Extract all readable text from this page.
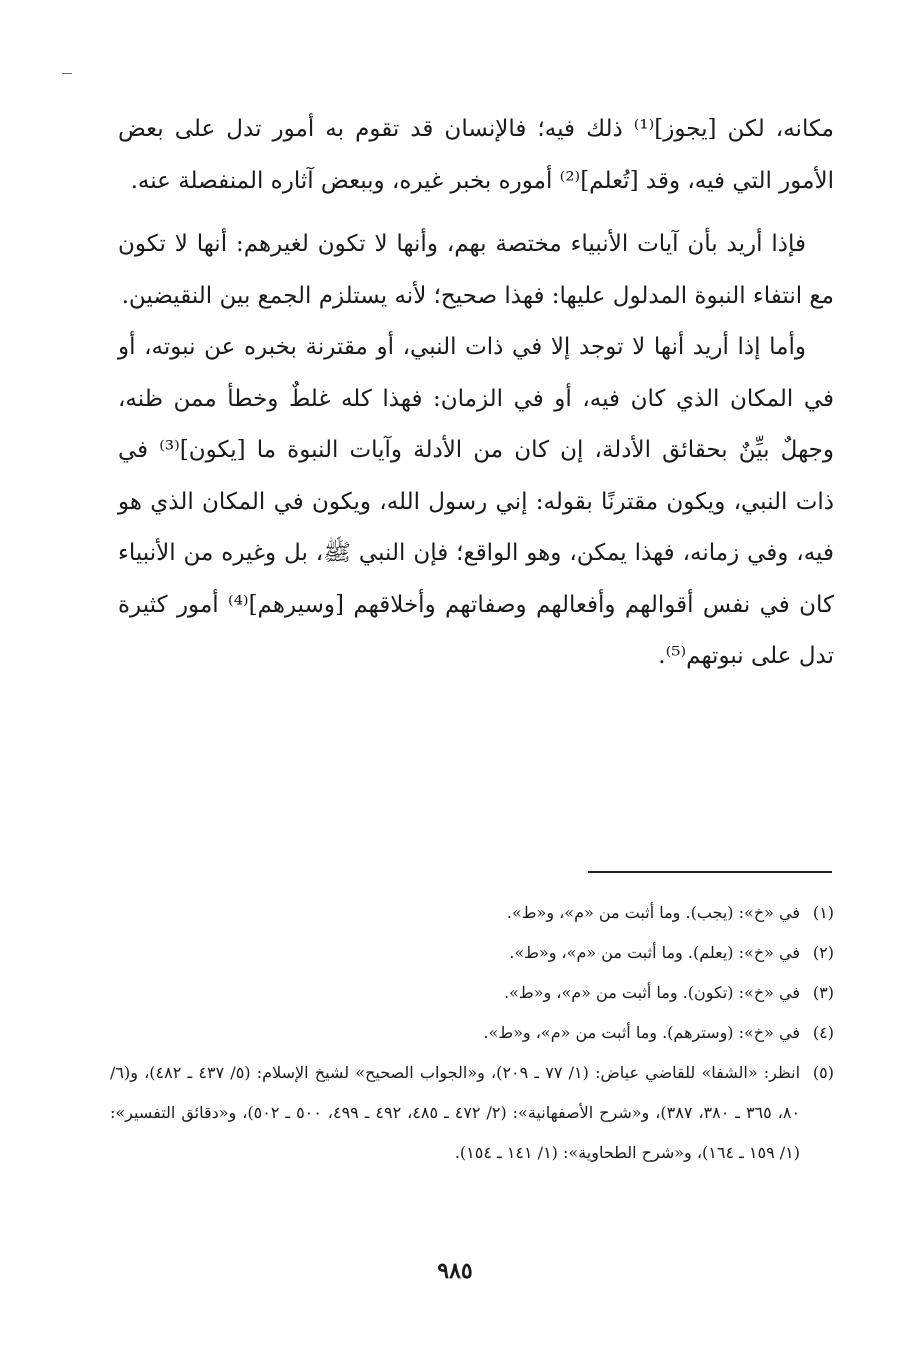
مكانه، لكن [يجوز]⁽¹⁾ ذلك فيه؛ فالإنسان قد تقوم به أمور تدل على بعض الأمور التي فيه، وقد [تُعلم]⁽²⁾ أموره بخبر غيره، وببعض آثاره المنفصلة عنه.

فإذا أريد بأن آيات الأنبياء مختصة بهم، وأنها لا تكون لغيرهم: أنها لا تكون مع انتفاء النبوة المدلول عليها: فهذا صحيح؛ لأنه يستلزم الجمع بين النقيضين.

وأما إذا أريد أنها لا توجد إلا في ذات النبي، أو مقترنة بخبره عن نبوته، أو في المكان الذي كان فيه، أو في الزمان: فهذا كله غلطٌ وخطأ ممن ظنه، وجهلٌ بيِّنٌ بحقائق الأدلة، إن كان من الأدلة وآيات النبوة ما [يكون]⁽³⁾ في ذات النبي، ويكون مقترنًا بقوله: إني رسول الله، ويكون في المكان الذي هو فيه، وفي زمانه، فهذا يمكن، وهو الواقع؛ فإن النبي ﷺ، بل وغيره من الأنبياء كان في نفس أقوالهم وأفعالهم وصفاتهم وأخلاقهم [وسيرهم]⁽⁴⁾ أمور كثيرة تدل على نبوتهم⁽⁵⁾.

(١)
في «خ»: (يجب). وما أثبت من «م»، و«ط».
(٢)
في «خ»: (يعلم). وما أثبت من «م»، و«ط».
(٣)
في «خ»: (تكون). وما أثبت من «م»، و«ط».
(٤)
في «خ»: (وسترهم). وما أثبت من «م»، و«ط».
(٥)
انظر: «الشفا» للقاضي عياض: (١/ ٧٧ ـ ٢٠٩)، و«الجواب الصحيح» لشيخ الإسلام: (٥/ ٤٣٧ ـ ٤٨٢)، و(٦/ ٨٠، ٣٦٥ ـ ٣٨٠، ٣٨٧)، و«شرح الأصفهانية»: (٢/ ٤٧٢ ـ ٤٨٥، ٤٩٢ ـ ٤٩٩، ٥٠٠ ـ ٥٠٢)، و«دقائق التفسير»: (١/ ١٥٩ ـ ١٦٤)، و«شرح الطحاوية»: (١/ ١٤١ ـ ١٥٤).
٩٨٥
